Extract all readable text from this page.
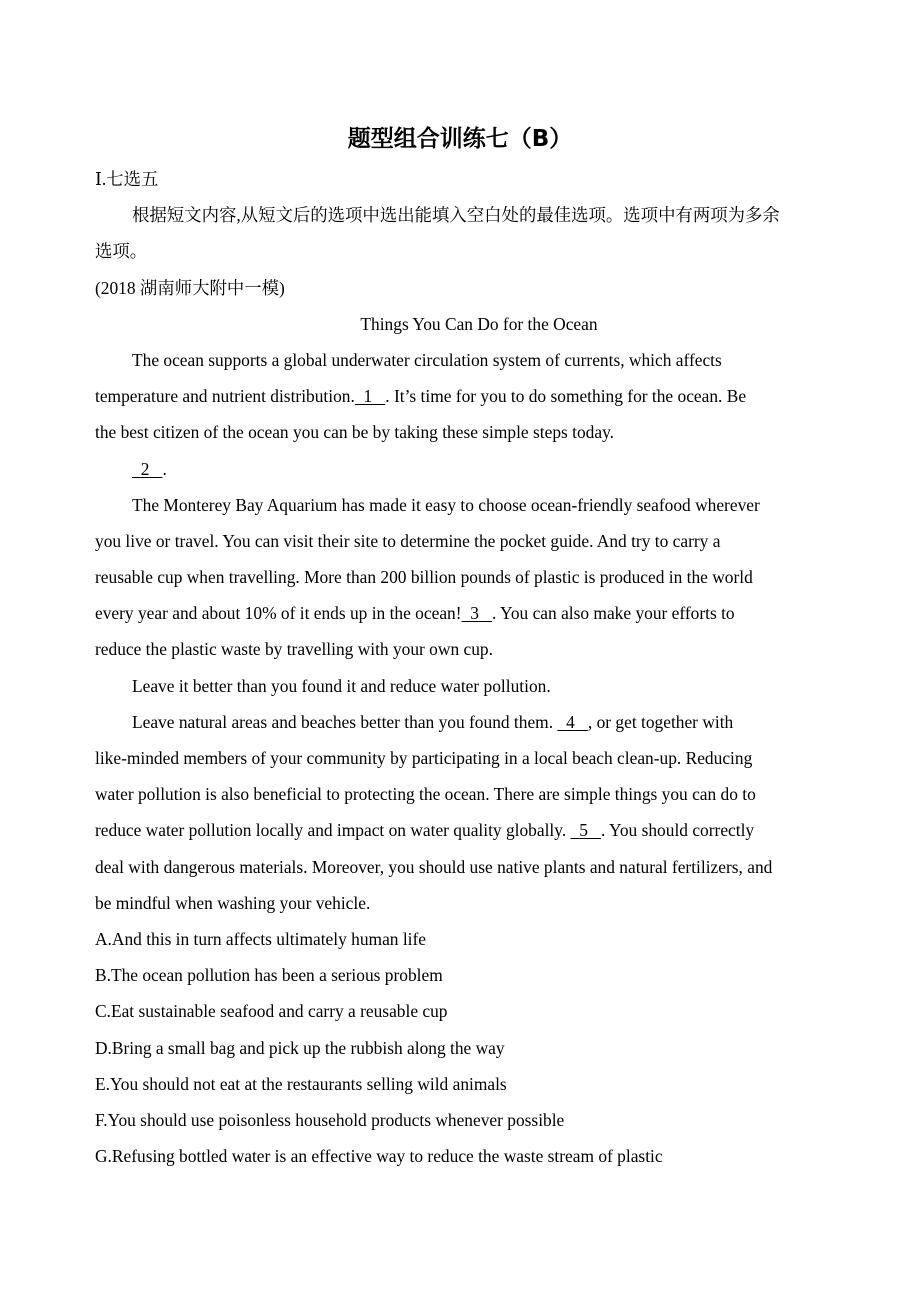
题型组合训练七（B）
Ⅰ.七选五
根据短文内容,从短文后的选项中选出能填入空白处的最佳选项。选项中有两项为多余
选项。
(2018 湖南师大附中一模)
Things You Can Do for the Ocean
The ocean supports a global underwater circulation system of currents, which affects
temperature and nutrient distribution. 1 . It’s time for you to do something for the ocean. Be
the best citizen of the ocean you can be by taking these simple steps today.
2 .
The Monterey Bay Aquarium has made it easy to choose ocean-friendly seafood wherever
you live or travel. You can visit their site to determine the pocket guide. And try to carry a
reusable cup when travelling. More than 200 billion pounds of plastic is produced in the world
every year and about 10% of it ends up in the ocean! 3 . You can also make your efforts to
reduce the plastic waste by travelling with your own cup.
Leave it better than you found it and reduce water pollution.
Leave natural areas and beaches better than you found them. 4 , or get together with
like-minded members of your community by participating in a local beach clean-up. Reducing
water pollution is also beneficial to protecting the ocean. There are simple things you can do to
reduce water pollution locally and impact on water quality globally. 5 . You should correctly
deal with dangerous materials. Moreover, you should use native plants and natural fertilizers, and
be mindful when washing your vehicle.
A.And this in turn affects ultimately human life
B.The ocean pollution has been a serious problem
C.Eat sustainable seafood and carry a reusable cup
D.Bring a small bag and pick up the rubbish along the way
E.You should not eat at the restaurants selling wild animals
F.You should use poisonless household products whenever possible
G.Refusing bottled water is an effective way to reduce the waste stream of plastic
